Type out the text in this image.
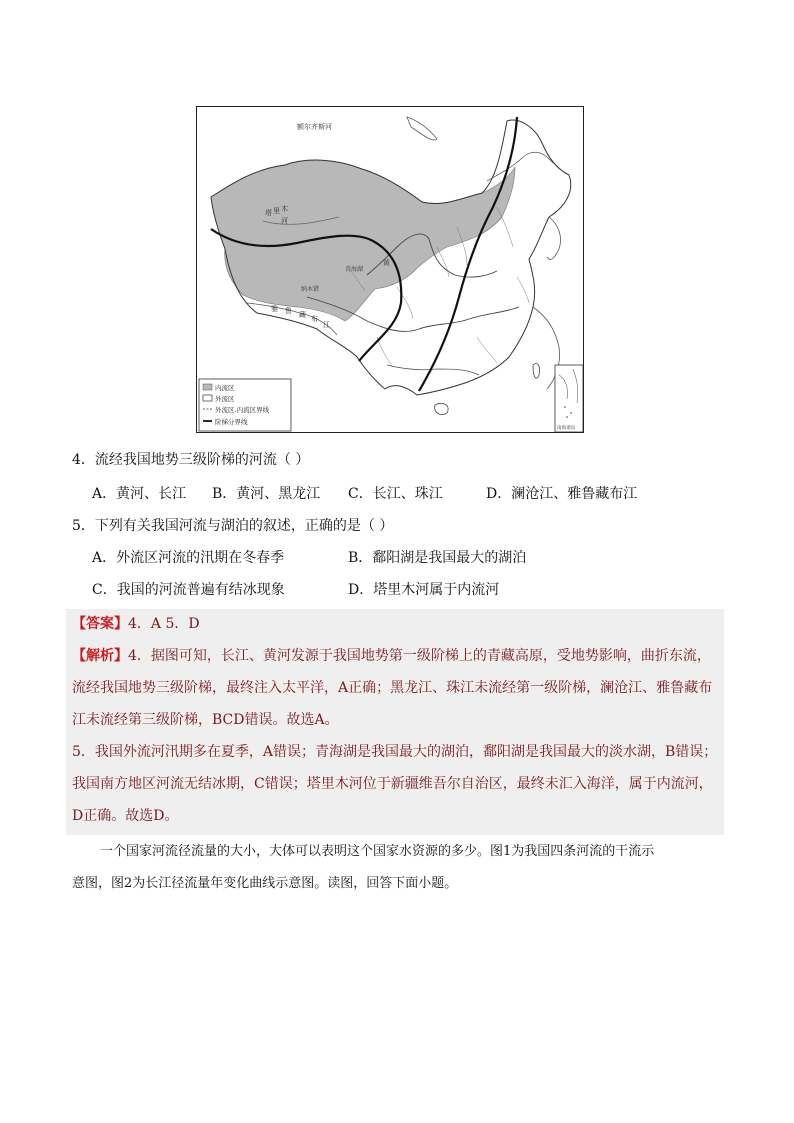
额尔齐斯河
塔 里 木
河
青海湖
黄
纳木错
雅 鲁 藏 布
江
南海诸岛
内流区
外流区
外流区.内流区界线
阶梯分界线
4．流经我国地势三级阶梯的河流（ ）
A．黄河、长江 B．黄河、黑龙江 C．长江、珠江	D．澜沧江、雅鲁藏布江
5．下列有关我国河流与湖泊的叙述，正确的是（ ）
A．外流区河流的汛期在冬春季	B．鄱阳湖是我国最大的湖泊
C．我国的河流普遍有结冰现象	D．塔里木河属于内流河
【答案】4．A 5．D
【解析】4．据图可知，长江、黄河发源于我国地势第一级阶梯上的青藏高原，受地势影响，曲折东流，
流经我国地势三级阶梯，最终注入太平洋，A正确；黑龙江、珠江未流经第一级阶梯，澜沧江、雅鲁藏布
江未流经第三级阶梯，BCD错误。故选A。
5．我国外流河汛期多在夏季，A错误；青海湖是我国最大的湖泊，鄱阳湖是我国最大的淡水湖，B错误；
我国南方地区河流无结冰期，C错误；塔里木河位于新疆维吾尔自治区，最终未汇入海洋，属于内流河，
D正确。故选D。
一个国家河流径流量的大小，大体可以表明这个国家水资源的多少。图1为我国四条河流的干流示
意图，图2为长江径流量年变化曲线示意图。读图，回答下面小题。
